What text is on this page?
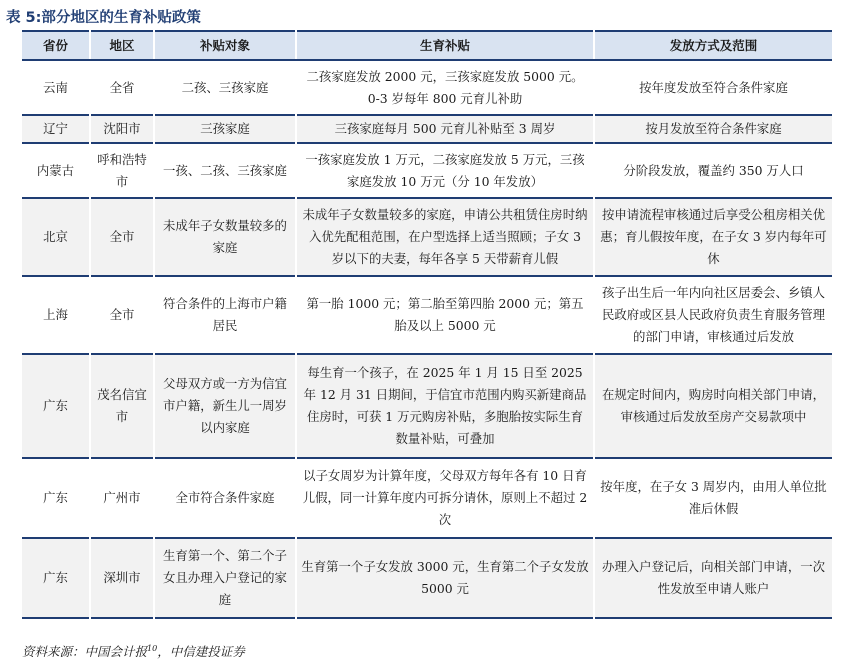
表 5:部分地区的生育补贴政策
省份	地区	补贴对象	生育补贴	发放方式及范围
云南	全省	二孩、三孩家庭	二孩家庭发放 2000 元，三孩家庭发放 5000 元。0-3 岁每年 800 元育儿补助	按年度发放至符合条件家庭
辽宁	沈阳市	三孩家庭	三孩家庭每月 500 元育儿补贴至 3 周岁	按月发放至符合条件家庭
内蒙古	呼和浩特市	一孩、二孩、三孩家庭	一孩家庭发放 1 万元，二孩家庭发放 5 万元，三孩家庭发放 10 万元（分 10 年发放）	分阶段发放，覆盖约 350 万人口
北京	全市	未成年子女数量较多的家庭	未成年子女数量较多的家庭，申请公共租赁住房时纳入优先配租范围，在户型选择上适当照顾；子女 3 岁以下的夫妻，每年各享 5 天带薪育儿假	按申请流程审核通过后享受公租房相关优惠；育儿假按年度，在子女 3 岁内每年可休
上海	全市	符合条件的上海市户籍居民	第一胎 1000 元；第二胎至第四胎 2000 元；第五胎及以上 5000 元	孩子出生后一年内向社区居委会、乡镇人民政府或区县人民政府负责生育服务管理的部门申请，审核通过后发放
广东	茂名信宜市	父母双方或一方为信宜市户籍，新生儿一周岁以内家庭	每生育一个孩子，在 2025 年 1 月 15 日至 2025 年 12 月 31 日期间，于信宜市范围内购买新建商品住房时，可获 1 万元购房补贴，多胞胎按实际生育数量补贴，可叠加	在规定时间内，购房时向相关部门申请，审核通过后发放至房产交易款项中
广东	广州市	全市符合条件家庭	以子女周岁为计算年度，父母双方每年各有 10 日育儿假，同一计算年度内可拆分请休，原则上不超过 2 次	按年度，在子女 3 周岁内，由用人单位批准后休假
广东	深圳市	生育第一个、第二个子女且办理入户登记的家庭	生育第一个子女发放 3000 元，生育第二个子女发放 5000 元	办理入户登记后，向相关部门申请，一次性发放至申请人账户
资料来源：中国会计报$^{10}$，中信建投证券
